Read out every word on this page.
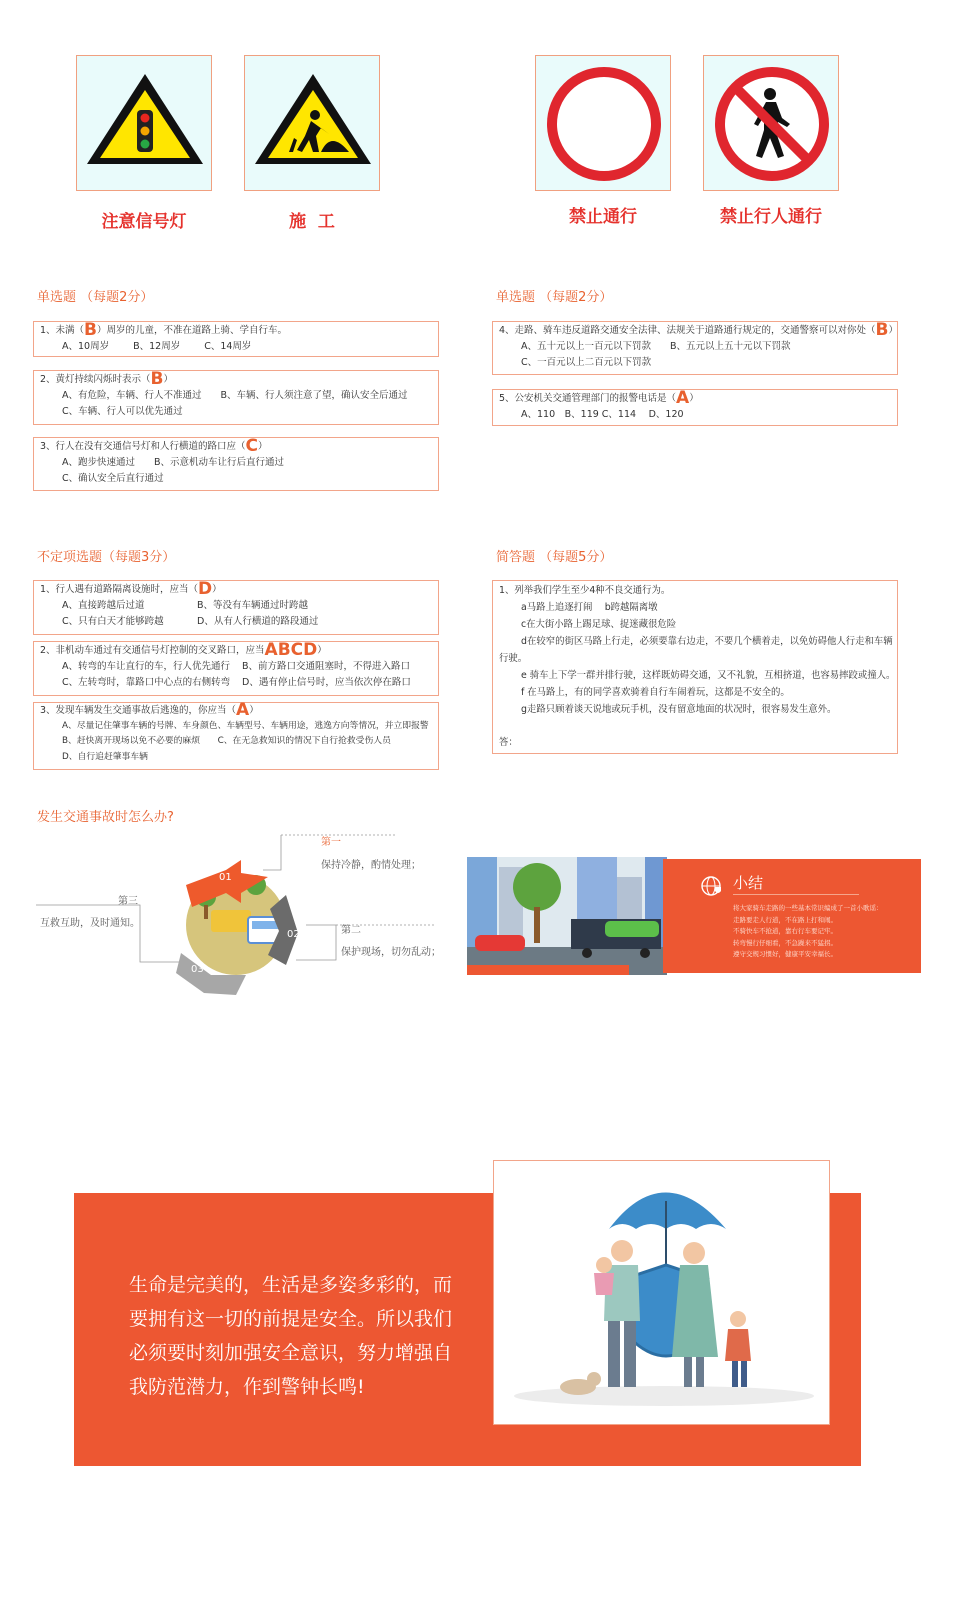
注意信号灯	施  工	禁止通行	禁止行人通行
单选题 （每题2分）
1、未满（B）周岁的儿童，不准在道路上骑、学自行车。
A、10周岁	B、12周岁	C、14周岁
2、黄灯持续闪烁时表示（B）
A、有危险，车辆、行人不准通过　　B、车辆、行人须注意了望，确认安全后通过
C、车辆、行人可以优先通过
3、行人在没有交通信号灯和人行横道的路口应（C）
A、跑步快速通过　　B、示意机动车让行后直行通过
C、确认安全后直行通过
单选题 （每题2分）
4、走路、骑车违反道路交通安全法律、法规关于道路通行规定的，交通警察可以对你处（B）
A、五十元以上一百元以下罚款　　B、五元以上五十元以下罚款
C、一百元以上二百元以下罚款
5、公安机关交通管理部门的报警电话是（A）
A、110　B、119 C、114　 D、120
不定项选题（每题3分）
1、行人遇有道路隔离设施时，应当（D）
A、直接跨越后过道	B、等没有车辆通过时跨越
C、只有白天才能够跨越	D、从有人行横道的路段通过
2、非机动车通过有交通信号灯控制的交叉路口，应当ABCD）
A、转弯的车让直行的车，行人优先通行 B、前方路口交通阻塞时，不得进入路口
C、左转弯时，靠路口中心点的右侧转弯 D、遇有停止信号时，应当依次停在路口
3、发现车辆发生交通事故后逃逸的，你应当（A）
A、尽量记住肇事车辆的号牌、车身颜色、车辆型号、车辆用途，逃逸方向等情况，并立即报警
B、赶快离开现场以免不必要的麻烦　　C、在无急救知识的情况下自行抢救受伤人员
D、自行追赶肇事车辆
简答题 （每题5分）
1、列举我们学生至少4种不良交通行为。
a马路上追逐打闹　 b跨越隔离墩
c在大街小路上踢足球、捉迷藏很危险
d在较窄的街区马路上行走，必须要靠右边走，不要几个横着走，以免妨碍他人行走和车辆
行驶。
e 骑车上下学一群并排行驶，这样既妨碍交通，又不礼貌，互相挤道，也容易摔跤或撞人。
f 在马路上，有的同学喜欢骑着自行车闹着玩，这都是不安全的。
g走路只顾着谈天说地或玩手机，没有留意地面的状况时，很容易发生意外。
答：
发生交通事故时怎么办?
第一
保持冷静，酌情处理；
第二
保护现场，切勿乱动；
第三
互救互助，及时通知。
01
02
03
小结
将大家骑车走路的一些基本常识编成了一首小歌谣：
走路要走人行道，不在路上打和闹。
不骑快车不抢道，靠右行车要记牢。
转弯慢行仔细看，不急躁来不猛拐。
遵守交规习惯好，健康平安幸福长。
生命是完美的，生活是多姿多彩的，而要拥有这一切的前提是安全。所以我们必须要时刻加强安全意识，努力增强自我防范潜力，作到警钟长鸣!
